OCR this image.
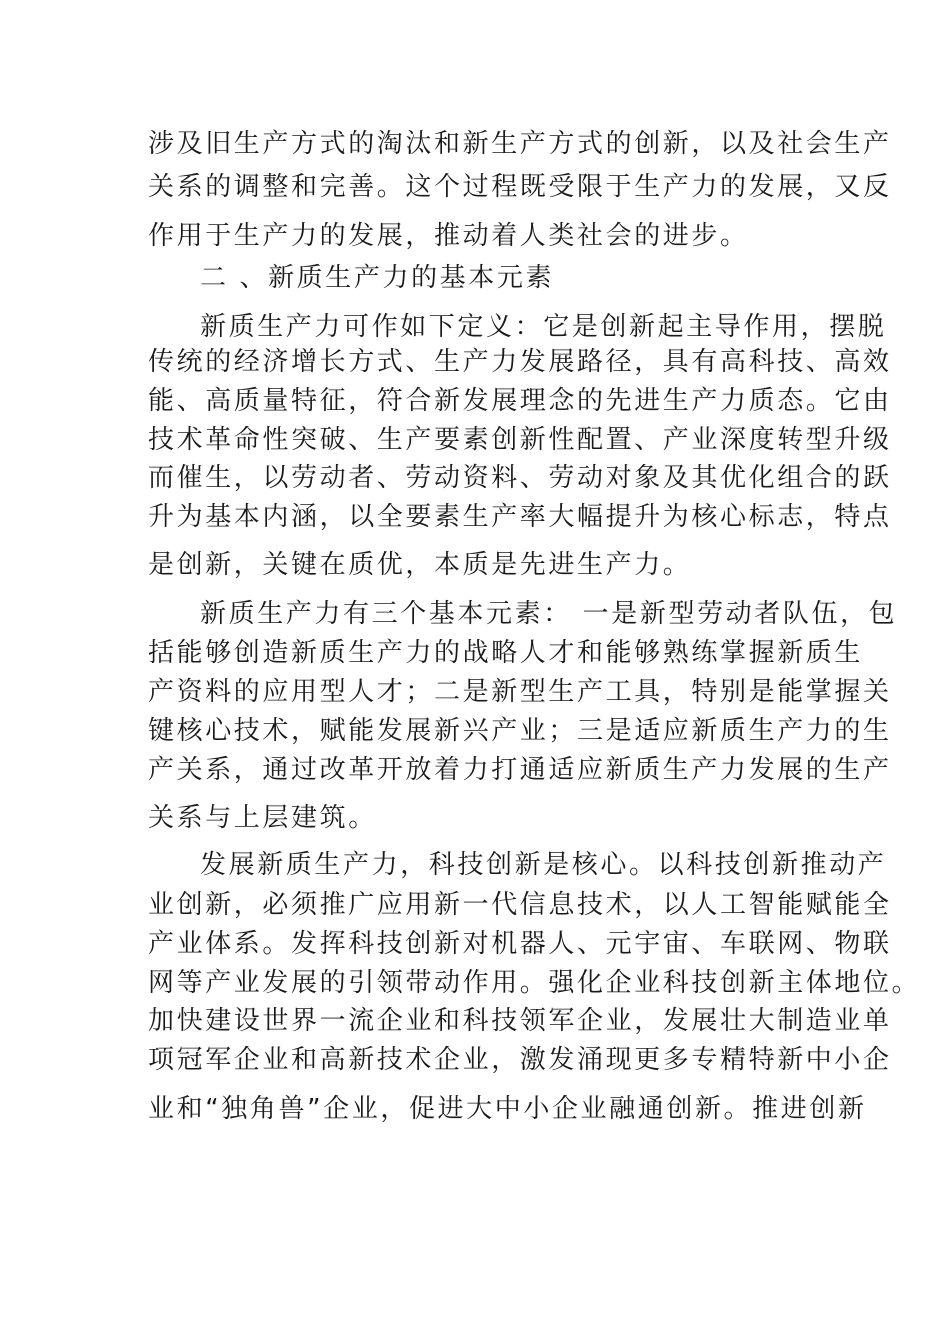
涉及旧生产方式的淘汰和新生产方式的创新，以及社会生产
关系的调整和完善。这个过程既受限于生产力的发展，又反
作用于生产力的发展，推动着人类社会的进步。
二 、新质生产力的基本元素
新质生产力可作如下定义：它是创新起主导作用，摆脱
传统的经济增长方式、生产力发展路径，具有高科技、高效
能、高质量特征，符合新发展理念的先进生产力质态。它由
技术革命性突破、生产要素创新性配置、产业深度转型升级
而催生，以劳动者、劳动资料、劳动对象及其优化组合的跃
升为基本内涵，以全要素生产率大幅提升为核心标志，特点
是创新，关键在质优，本质是先进生产力。
新质生产力有三个基本元素： 一是新型劳动者队伍，包
括能够创造新质生产力的战略人才和能够熟练掌握新质生
产资料的应用型人才；二是新型生产工具，特别是能掌握关
键核心技术，赋能发展新兴产业；三是适应新质生产力的生
产关系，通过改革开放着力打通适应新质生产力发展的生产
关系与上层建筑。
发展新质生产力，科技创新是核心。以科技创新推动产
业创新，必须推广应用新一代信息技术，以人工智能赋能全
产业体系。发挥科技创新对机器人、元宇宙、车联网、物联
网等产业发展的引领带动作用。强化企业科技创新主体地位。
加快建设世界一流企业和科技领军企业，发展壮大制造业单
项冠军企业和高新技术企业，激发涌现更多专精特新中小企
业和“独角兽”企业，促进大中小企业融通创新。推进创新
